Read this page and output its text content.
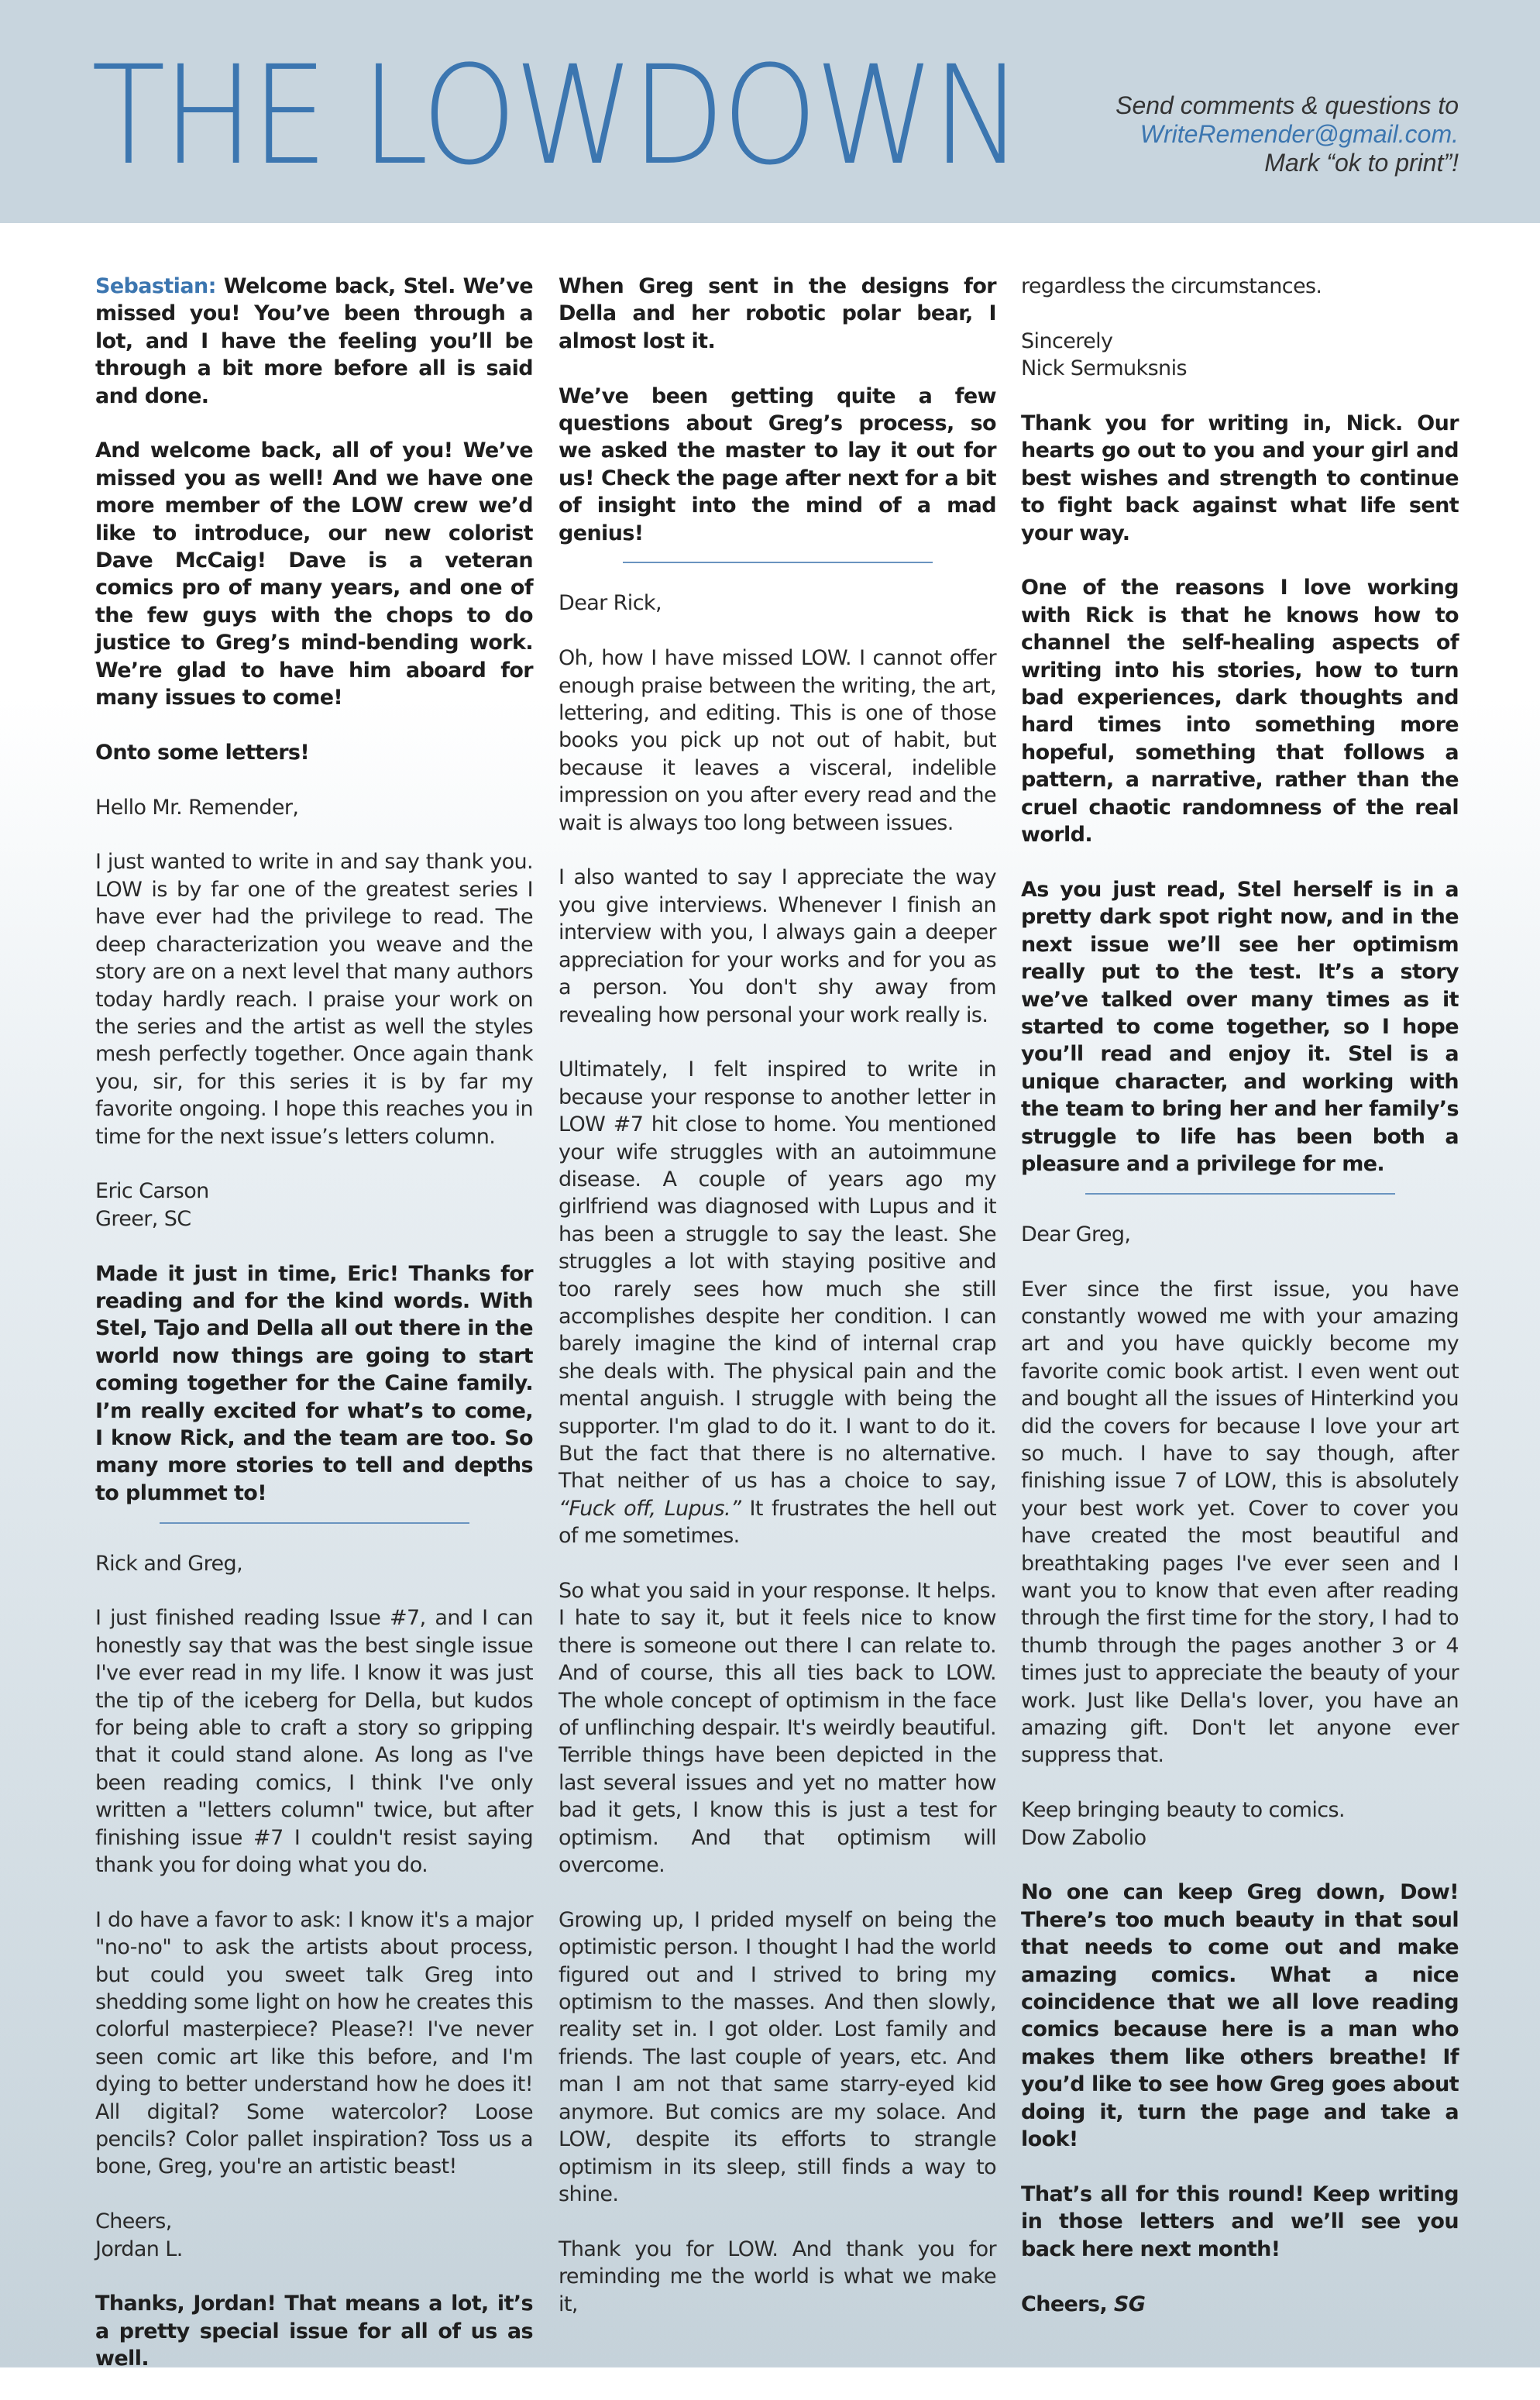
THE LOWDOWN	Send comments & questions to
WriteRemender@gmail.com.
Mark “ok to print”!

Sebastian: Welcome back, Stel. We’ve missed you! You’ve been through a lot, and I have the feeling you’ll be through a bit more before all is said and done.

And welcome back, all of you! We’ve missed you as well! And we have one more member of the LOW crew we’d like to introduce, our new colorist Dave McCaig! Dave is a veteran comics pro of many years, and one of the few guys with the chops to do justice to Greg’s mind-bending work. We’re glad to have him aboard for many issues to come!

Onto some letters!

Hello Mr. Remender,

I just wanted to write in and say thank you. LOW is by far one of the greatest series I have ever had the privilege to read. The deep characterization you weave and the story are on a next level that many authors today hardly reach. I praise your work on the series and the artist as well the styles mesh perfectly together. Once again thank you, sir, for this series it is by far my favorite ongoing. I hope this reaches you in time for the next issue’s letters column.

Eric Carson
Greer, SC

Made it just in time, Eric! Thanks for reading and for the kind words. With Stel, Tajo and Della all out there in the world now things are going to start coming together for the Caine family. I’m really excited for what’s to come, I know Rick, and the team are too. So many more stories to tell and depths to plummet to!

Rick and Greg,

I just finished reading Issue #7, and I can honestly say that was the best single issue I've ever read in my life. I know it was just the tip of the iceberg for Della, but kudos for being able to craft a story so gripping that it could stand alone. As long as I've been reading comics, I think I've only written a "letters column" twice, but after finishing issue #7 I couldn't resist saying thank you for doing what you do.

I do have a favor to ask: I know it's a major "no-no" to ask the artists about process, but could you sweet talk Greg into shedding some light on how he creates this colorful masterpiece? Please?! I've never seen comic art like this before, and I'm dying to better understand how he does it! All digital? Some watercolor? Loose pencils? Color pallet inspiration? Toss us a bone, Greg, you're an artistic beast!

Cheers,
Jordan L.

Thanks, Jordan! That means a lot, it’s a pretty special issue for all of us as well.

When Greg sent in the designs for Della and her robotic polar bear, I almost lost it.

We’ve been getting quite a few questions about Greg’s process, so we asked the master to lay it out for us! Check the page after next for a bit of insight into the mind of a mad genius!

Dear Rick,

Oh, how I have missed LOW. I cannot offer enough praise between the writing, the art, lettering, and editing. This is one of those books you pick up not out of habit, but because it leaves a visceral, indelible impression on you after every read and the wait is always too long between issues.

I also wanted to say I appreciate the way you give interviews. Whenever I finish an interview with you, I always gain a deeper appreciation for your works and for you as a person. You don't shy away from revealing how personal your work really is.

Ultimately, I felt inspired to write in because your response to another letter in LOW #7 hit close to home. You mentioned your wife struggles with an autoimmune disease. A couple of years ago my girlfriend was diagnosed with Lupus and it has been a struggle to say the least. She struggles a lot with staying positive and too rarely sees how much she still accomplishes despite her condition. I can barely imagine the kind of internal crap she deals with. The physical pain and the mental anguish. I struggle with being the supporter. I'm glad to do it. I want to do it. But the fact that there is no alternative. That neither of us has a choice to say, “Fuck off, Lupus.” It frustrates the hell out of me sometimes.

So what you said in your response. It helps. I hate to say it, but it feels nice to know there is someone out there I can relate to. And of course, this all ties back to LOW. The whole concept of optimism in the face of unflinching despair. It's weirdly beautiful. Terrible things have been depicted in the last several issues and yet no matter how bad it gets, I know this is just a test for optimism. And that optimism will overcome.

Growing up, I prided myself on being the optimistic person. I thought I had the world figured out and I strived to bring my optimism to the masses. And then slowly, reality set in. I got older. Lost family and friends. The last couple of years, etc. And man I am not that same starry-eyed kid anymore. But comics are my solace. And LOW, despite its efforts to strangle optimism in its sleep, still finds a way to shine.

Thank you for LOW. And thank you for reminding me the world is what we make it,

regardless the circumstances.

Sincerely
Nick Sermuksnis

Thank you for writing in, Nick. Our hearts go out to you and your girl and best wishes and strength to continue to fight back against what life sent your way.

One of the reasons I love working with Rick is that he knows how to channel the self-healing aspects of writing into his stories, how to turn bad experiences, dark thoughts and hard times into something more hopeful, something that follows a pattern, a narrative, rather than the cruel chaotic randomness of the real world.

As you just read, Stel herself is in a pretty dark spot right now, and in the next issue we’ll see her optimism really put to the test. It’s a story we’ve talked over many times as it started to come together, so I hope you’ll read and enjoy it. Stel is a unique character, and working with the team to bring her and her family’s struggle to life has been both a pleasure and a privilege for me.

Dear Greg,

Ever since the first issue, you have constantly wowed me with your amazing art and you have quickly become my favorite comic book artist. I even went out and bought all the issues of Hinterkind you did the covers for because I love your art so much. I have to say though, after finishing issue 7 of LOW, this is absolutely your best work yet. Cover to cover you have created the most beautiful and breathtaking pages I've ever seen and I want you to know that even after reading through the first time for the story, I had to thumb through the pages another 3 or 4 times just to appreciate the beauty of your work. Just like Della's lover, you have an amazing gift. Don't let anyone ever suppress that.

Keep bringing beauty to comics.
Dow Zabolio

No one can keep Greg down, Dow! There’s too much beauty in that soul that needs to come out and make amazing comics. What a nice coincidence that we all love reading comics because here is a man who makes them like others breathe! If you’d like to see how Greg goes about doing it, turn the page and take a look!

That’s all for this round! Keep writing in those letters and we’ll see you back here next month!

Cheers, SG
